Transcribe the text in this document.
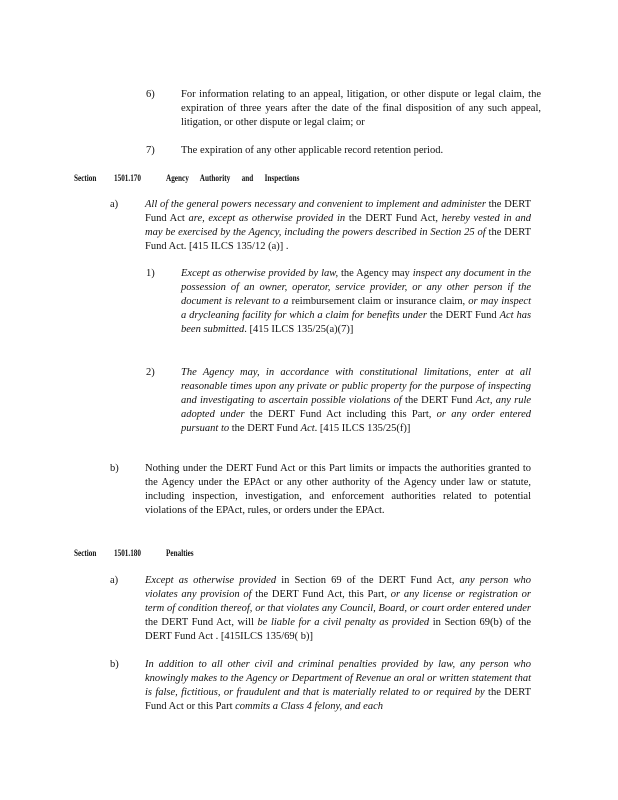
6)	For information relating to an appeal, litigation, or other dispute or legal claim, the expiration of three years after the date of the final disposition of any such appeal, litigation, or other dispute or legal claim; or
7)	The expiration of any other applicable record retention period.
Section 1501.170	Agency Authority and Inspections
a)	All of the general powers necessary and convenient to implement and administer the DERT Fund Act are, except as otherwise provided in the DERT Fund Act, hereby vested in and may be exercised by the Agency, including the powers described in Section 25 of the DERT Fund Act. [415 ILCS 135/12 (a)] .
1)	Except as otherwise provided by law, the Agency may inspect any document in the possession of an owner, operator, service provider, or any other person if the document is relevant to a reimbursement claim or insurance claim, or may inspect a drycleaning facility for which a claim for benefits under the DERT Fund Act has been submitted. [415 ILCS 135/25(a)(7)]
2)	The Agency may, in accordance with constitutional limitations, enter at all reasonable times upon any private or public property for the purpose of inspecting and investigating to ascertain possible violations of the DERT Fund Act, any rule adopted under the DERT Fund Act including this Part, or any order entered pursuant to the DERT Fund Act. [415 ILCS 135/25(f)]
b)	Nothing under the DERT Fund Act or this Part limits or impacts the authorities granted to the Agency under the EPAct or any other authority of the Agency under law or statute, including inspection, investigation, and enforcement authorities related to potential violations of the EPAct, rules, or orders under the EPAct.
Section 1501.180	Penalties
a)	Except as otherwise provided in Section 69 of the DERT Fund Act, any person who violates any provision of the DERT Fund Act, this Part, or any license or registration or term of condition thereof, or that violates any Council, Board, or court order entered under the DERT Fund Act, will be liable for a civil penalty as provided in Section 69(b) of the DERT Fund Act . [415ILCS 135/69( b)]
b)	In addition to all other civil and criminal penalties provided by law, any person who knowingly makes to the Agency or Department of Revenue an oral or written statement that is false, fictitious, or fraudulent and that is materially related to or required by the DERT Fund Act or this Part commits a Class 4 felony, and each
